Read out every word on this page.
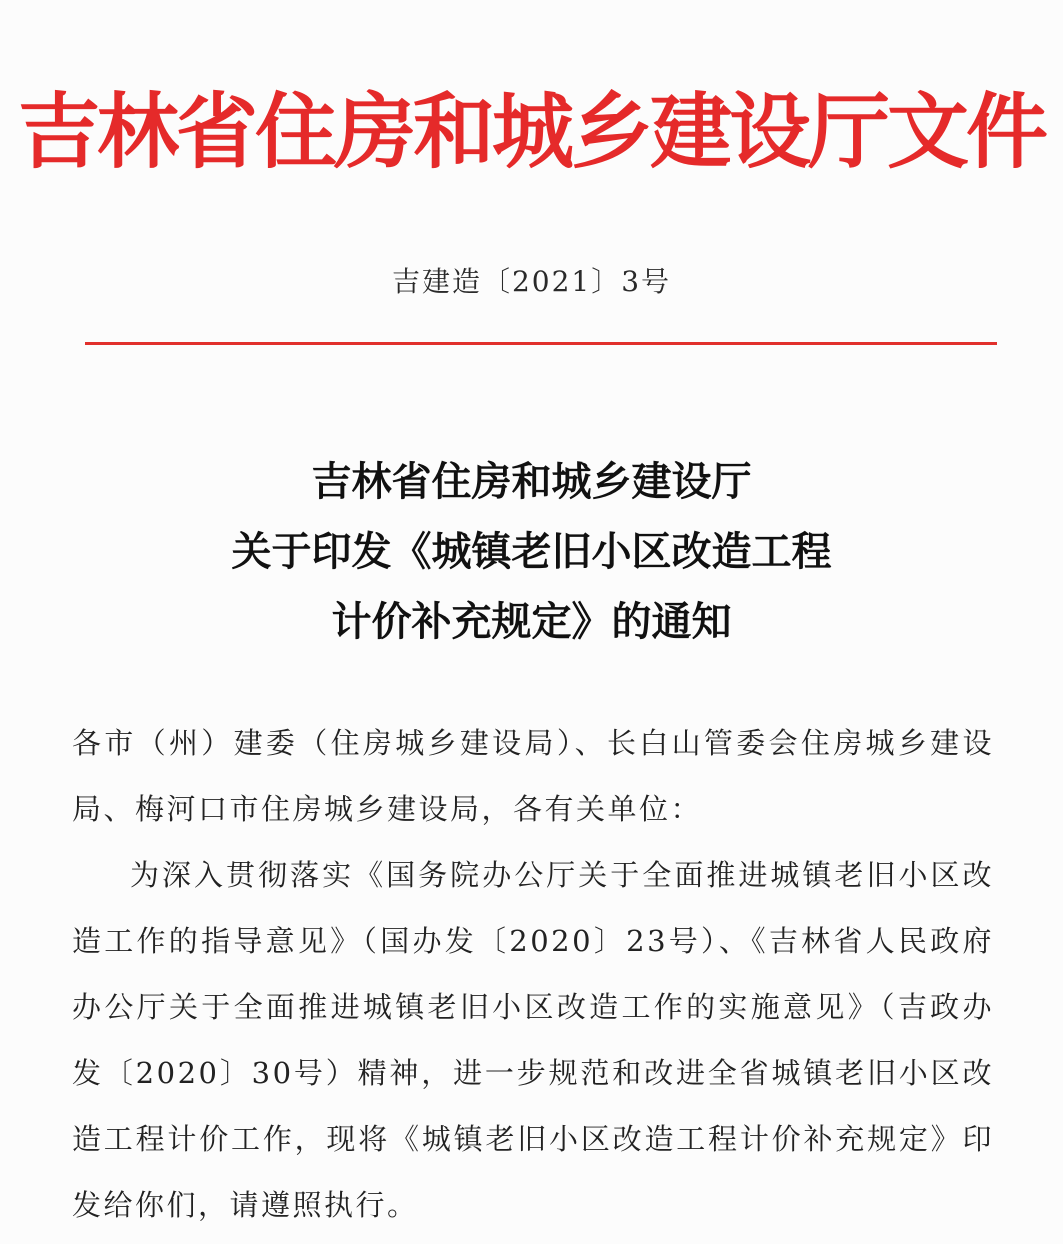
吉林省住房和城乡建设厅文件
吉建造〔2021〕3号
吉林省住房和城乡建设厅
关于印发《城镇老旧小区改造工程
计价补充规定》的通知

各市（州）建委（住房城乡建设局）、长白山管委会住房城乡建设局、梅河口市住房城乡建设局，各有关单位：

为深入贯彻落实《国务院办公厅关于全面推进城镇老旧小区改造工作的指导意见》（国办发〔2020〕23号）、《吉林省人民政府办公厅关于全面推进城镇老旧小区改造工作的实施意见》（吉政办发〔2020〕30号）精神，进一步规范和改进全省城镇老旧小区改造工程计价工作，现将《城镇老旧小区改造工程计价补充规定》印发给你们，请遵照执行。
